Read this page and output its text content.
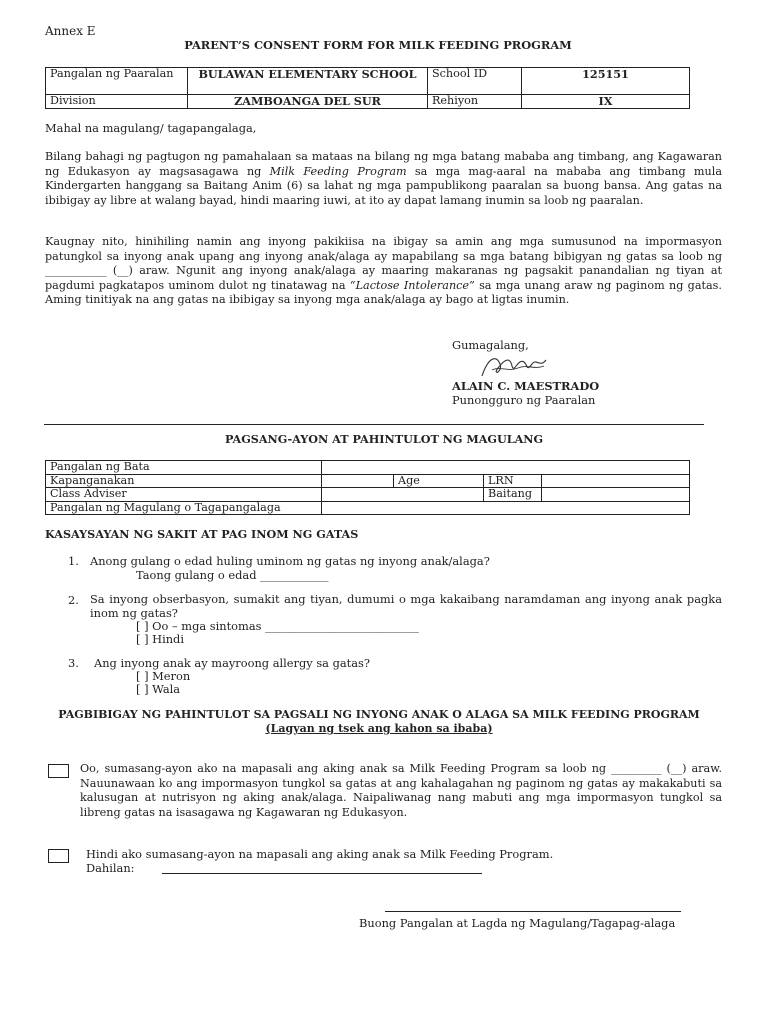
Annex E
PARENT’S CONSENT FORM FOR MILK FEEDING PROGRAM
Pangalan ng Paaralan	BULAWAN ELEMENTARY SCHOOL	School ID	125151
Division	ZAMBOANGA DEL SUR	Rehiyon	IX
Mahal na magulang/ tagapangalaga,

Bilang bahagi ng pagtugon ng pamahalaan sa mataas na bilang ng mga batang mababa ang timbang, ang Kagawaran ng Edukasyon ay magsasagawa ng Milk Feeding Program sa mga mag-aaral na mababa ang timbang mula Kindergarten hanggang sa Baitang Anim (6) sa lahat ng mga pampublikong paaralan sa buong bansa. Ang gatas na ibibigay ay libre at walang bayad, hindi maaring iuwi, at ito ay dapat lamang inumin sa loob ng paaralan.

Kaugnay nito, hinihiling namin ang inyong pakikiisa na ibigay sa amin ang mga sumusunod na impormasyon patungkol sa inyong anak upang ang inyong anak/alaga ay mapabilang sa mga batang bibigyan ng gatas sa loob ng ___________ (__) araw. Ngunit ang inyong anak/alaga ay maaring makaranas ng pagsakit panandalian ng tiyan at pagdumi pagkatapos uminom dulot ng tinatawag na “Lactose Intolerance” sa mga unang araw ng paginom ng gatas. Aming tinitiyak na ang gatas na ibibigay sa inyong mga anak/alaga ay bago at ligtas inumin.

Gumagalang,
ALAIN C. MAESTRADO
Punongguro ng Paaralan
PAGSANG-AYON AT PAHINTULOT NG MAGULANG
Pangalan ng Bata				
Kapanganakan		Age	LRN	
Class Adviser			Baitang	
Pangalan ng Magulang o Tagapangalaga				
KASAYSAYAN NG SAKIT AT PAG INOM NG GATAS
1. Anong gulang o edad huling uminom ng gatas ng inyong anak/alaga?
Taong gulang o edad ____________
2. Sa inyong obserbasyon, sumakit ang tiyan, dumumi o mga kakaibang naramdaman ang inyong anak pagka inom ng gatas?
[ ] Oo – mga sintomas ___________________________
[ ] Hindi
3. Ang inyong anak ay mayroong allergy sa gatas?
[ ] Meron
[ ] Wala
PAGBIBIGAY NG PAHINTULOT SA PAGSALI NG INYONG ANAK O ALAGA SA MILK FEEDING PROGRAM
(Lagyan ng tsek ang kahon sa ibaba)
Oo, sumasang-ayon ako na mapasali ang aking anak sa Milk Feeding Program sa loob ng _________ (__) araw. Nauunawaan ko ang impormasyon tungkol sa gatas at ang kahalagahan ng paginom ng gatas ay makakabuti sa kalusugan at nutrisyon ng aking anak/alaga. Naipaliwanag nang mabuti ang mga impormasyon tungkol sa libreng gatas na isasagawa ng Kagawaran ng Edukasyon.
Hindi ako sumasang-ayon na mapasali ang aking anak sa Milk Feeding Program.
Dahilan:
Buong Pangalan at Lagda ng Magulang/Tagapag-alaga
